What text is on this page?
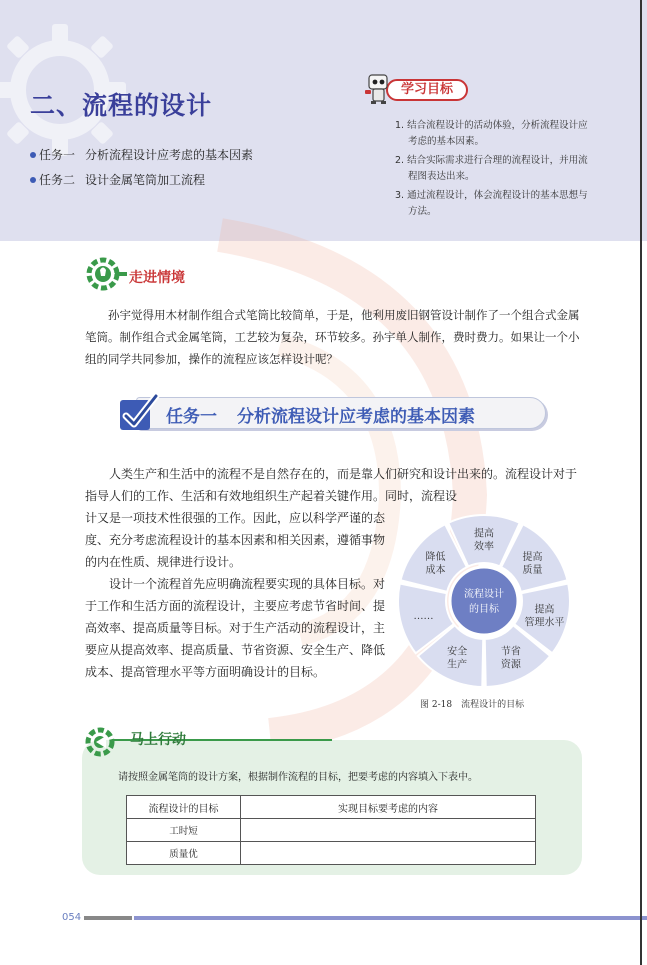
二、流程的设计
任务一 分析流程设计应考虑的基本因素
任务二 设计金属笔筒加工流程
学习目标
1. 结合流程设计的活动体验，分析流程设计应考虑的基本因素。
2. 结合实际需求进行合理的流程设计，并用流程图表达出来。
3. 通过流程设计，体会流程设计的基本思想与方法。
走进情境
孙宇觉得用木材制作组合式笔筒比较简单，于是，他利用废旧钢管设计制作了一个组合式金属笔筒。制作组合式金属笔筒，工艺较为复杂，环节较多。孙宇单人制作，费时费力。如果让一个小组的同学共同参加，操作的流程应该怎样设计呢？
任务一 分析流程设计应考虑的基本因素

人类生产和生活中的流程不是自然存在的，而是靠人们研究和设计出来的。流程设计对于指导人们的工作、生活和有效地组织生产起着关键作用。同时，流程设

计又是一项技术性很强的工作。因此，应以科学严谨的态度、充分考虑流程设计的基本因素和相关因素，遵循事物的内在性质、规律进行设计。

设计一个流程首先应明确流程要实现的具体目标。对于工作和生活方面的流程设计，主要应考虑节省时间、提高效率、提高质量等目标。对于生产活动的流程设计，主要应从提高效率、提高质量、节省资源、安全生产、降低成本、提高管理水平等方面明确设计的目标。

提高
效率
提高
质量
提高
管理水平
节省
资源
安全
生产
……
降低
成本
流程设计
的目标
图 2-18　流程设计的目标
马上行动
请按照金属笔筒的设计方案，根据制作流程的目标，把要考虑的内容填入下表中。
流程设计的目标	实现目标要考虑的内容
工时短	
质量优	
054
